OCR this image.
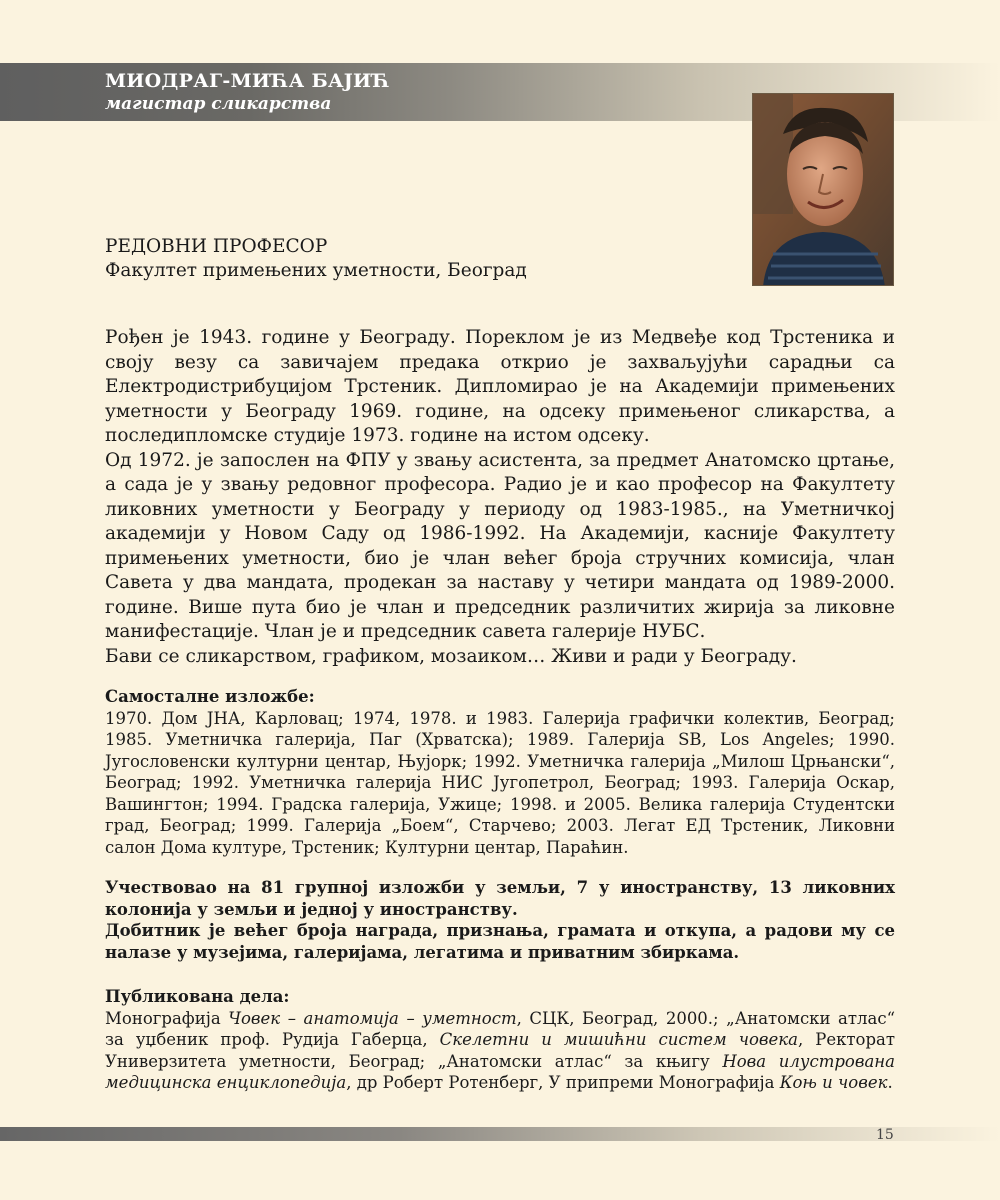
МИОДРАГ-МИЋА БАЈИЋ
магистар сликарства
РЕДОВНИ ПРОФЕСОР
Факултет примењених уметности, Београд

Рођен је 1943. године у Београду. Пореклом је из Медвеђе код Трстеника и своју везу са завичајем предака открио је захваљујући сарадњи са Електродистрибуцијом Трстеник. Дипломирао је на Академији примењених уметности у Београду 1969. године, на одсеку примењеног сликарства, а последипломске студије 1973. године на истом одсеку.

Од 1972. је запослен на ФПУ у звању асистента, за предмет Анатомско цртање, а сада је у звању редовног професора. Радио је и као професор на Факултету ликовних уметности у Београду у периоду од 1983-1985., на Уметничкој академији у Новом Саду од 1986-1992. На Академији, касније Факултету примењених уметности, био је члан већег броја стручних комисија, члан Савета у два мандата, продекан за наставу у четири мандата од 1989-2000. године. Више пута био је члан и председник различитих жирија за ликовне манифестације. Члан је и председник савета галерије НУБС.

Бави се сликарством, графиком, мозаиком… Живи и ради у Београду.

Самосталне изложбе:

1970. Дом ЈНА, Карловац; 1974, 1978. и 1983. Галерија графички колектив, Београд; 1985. Уметничка галерија, Паг (Хрватска); 1989. Галерија SB, Los Angeles; 1990. Југословенски културни центар, Њујорк; 1992. Уметничка галерија „Милош Црњански“, Београд; 1992. Уметничка галерија НИС Југопетрол, Београд; 1993. Галерија Оскар, Вашингтон; 1994. Градска галерија, Ужице; 1998. и 2005. Велика галерија Студентски град, Београд; 1999. Галерија „Боем“, Старчево; 2003. Легат ЕД Трстеник, Ликовни салон Дома културе, Трстеник; Културни центар, Параћин.

Учествовао на 81 групној изложби у земљи, 7 у иностранству, 13 ликовних колонија у земљи и једној у иностранству.

Добитник је већег броја награда, признања, грамата и откупа, а радови му се налазе у музејима, галеријама, легатима и приватним збиркама.

Публикована дела:

Монографија Човек – анатомија – уметност, СЦК, Београд, 2000.; „Анатомски атлас“ за уџбеник проф. Рудија Габерца, Скелетни и мишићни систем човека, Ректорат Универзитета уметности, Београд; „Анатомски атлас“ за књигу Нова илустрована медицинска енциклопедија, др Роберт Ротенберг, У припреми Монографија Коњ и човек.

15
